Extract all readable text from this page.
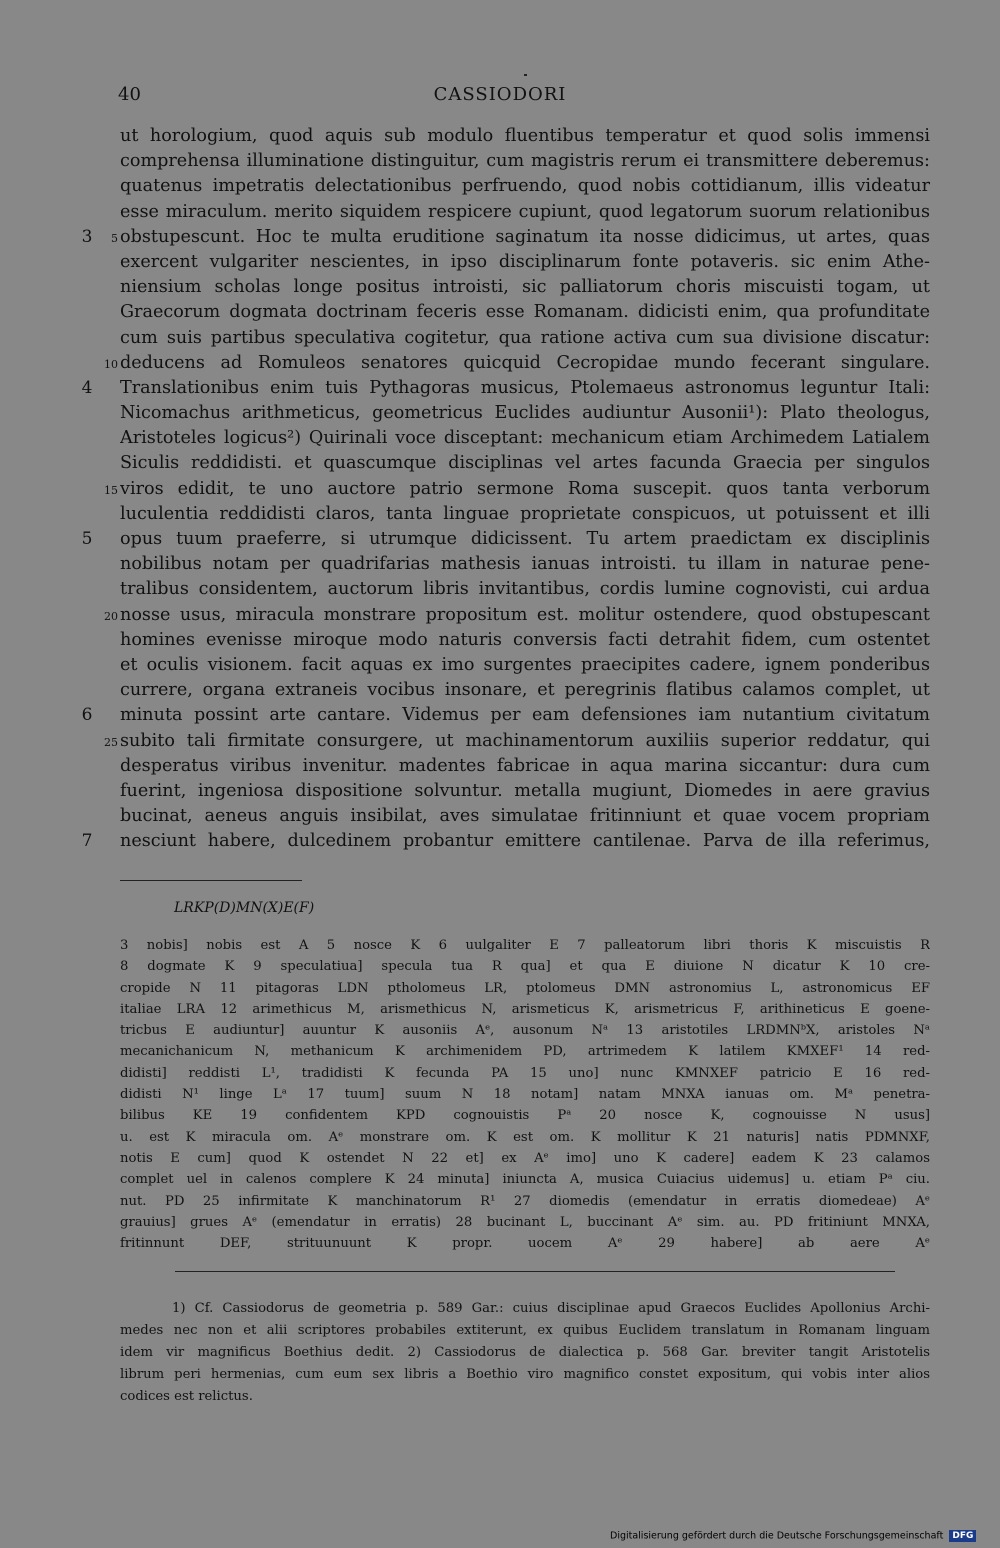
40	CASSIODORI
ut horologium, quod aquis sub modulo fluentibus temperatur et quod solis immensi
comprehensa illuminatione distinguitur, cum magistris rerum ei transmittere deberemus:
quatenus impetratis delectationibus perfruendo, quod nobis cottidianum, illis videatur
esse miraculum. merito siquidem respicere cupiunt, quod legatorum suorum relationibus
3	5 obstupescunt. Hoc te multa eruditione saginatum ita nosse didicimus, ut artes, quas
exercent vulgariter nescientes, in ipso disciplinarum fonte potaveris. sic enim Athe-
niensium scholas longe positus introisti, sic palliatorum choris miscuisti togam, ut
Graecorum dogmata doctrinam feceris esse Romanam. didicisti enim, qua profunditate
cum suis partibus speculativa cogitetur, qua ratione activa cum sua divisione discatur:
10 deducens ad Romuleos senatores quicquid Cecropidae mundo fecerant singulare.
4 Translationibus enim tuis Pythagoras musicus, Ptolemaeus astronomus leguntur Itali:
Nicomachus arithmeticus, geometricus Euclides audiuntur Ausonii¹): Plato theologus,
Aristoteles logicus²) Quirinali voce disceptant: mechanicum etiam Archimedem Latialem
Siculis reddidisti. et quascumque disciplinas vel artes facunda Graecia per singulos
15 viros edidit, te uno auctore patrio sermone Roma suscepit. quos tanta verborum
luculentia reddidisti claros, tanta linguae proprietate conspicuos, ut potuissent et illi
5 opus tuum praeferre, si utrumque didicissent. Tu artem praedictam ex disciplinis
nobilibus notam per quadrifarias mathesis ianuas introisti. tu illam in naturae pene-
tralibus considentem, auctorum libris invitantibus, cordis lumine cognovisti, cui ardua
20 nosse usus, miracula monstrare propositum est. molitur ostendere, quod obstupescant
homines evenisse miroque modo naturis conversis facti detrahit fidem, cum ostentet
et oculis visionem. facit aquas ex imo surgentes praecipites cadere, ignem ponderibus
currere, organa extraneis vocibus insonare, et peregrinis flatibus calamos complet, ut
6 minuta possint arte cantare. Videmus per eam defensiones iam nutantium civitatum
25 subito tali firmitate consurgere, ut machinamentorum auxiliis superior reddatur, qui
desperatus viribus invenitur. madentes fabricae in aqua marina siccantur: dura cum
fuerint, ingeniosa dispositione solvuntur. metalla mugiunt, Diomedes in aere gravius
bucinat, aeneus anguis insibilat, aves simulatae fritinniunt et quae vocem propriam
7 nesciunt habere, dulcedinem probantur emittere cantilenae. Parva de illa referimus,
LRKP(D)MN(X)E(F)
3 nobis] nobis est A 5 nosce K 6 uulgaliter E 7 palleatorum libri thoris K miscuistis R
8 dogmate K 9 speculatiua] specula tua R qua] et qua E diuione N dicatur K 10 cre-
cropide N 11 pitagoras LDN ptholomeus LR, ptolomeus DMN astronomius L, astronomicus EF
italiae LRA 12 arimethicus M, arismethicus N, arismeticus K, arismetricus F, arithineticus E goene-
tricbus E audiuntur] auuntur K ausoniis Aᵉ, ausonum Nᵃ 13 aristotiles LRDMNᵇX, aristoles Nᵃ
mecanichanicum N, methanicum K archimenidem PD, artrimedem K latilem KMXEF¹ 14 red-
didisti] reddisti L¹, tradidisti K fecunda PA 15 uno] nunc KMNXEF patricio E 16 red-
didisti N¹ linge Lᵃ 17 tuum] suum N 18 notam] natam MNXA ianuas om. Mᵃ penetra-
bilibus KE 19 confidentem KPD cognouistis Pᵃ 20 nosce K, cognouisse N usus]
u. est K miracula om. Aᵉ monstrare om. K est om. K mollitur K 21 naturis] natis PDMNXF,
notis E cum] quod K ostendet N 22 et] ex Aᵉ imo] uno K cadere] eadem K 23 calamos
complet uel in calenos complere K 24 minuta] iniuncta A, musica Cuiacius uidemus] u. etiam Pᵃ ciu.
nut. PD 25 infirmitate K manchinatorum R¹ 27 diomedis (emendatur in erratis diomedeae) Aᵉ
grauius] grues Aᵉ (emendatur in erratis) 28 bucinant L, buccinant Aᵉ sim. au. PD fritiniunt MNXA,
fritinnunt DEF, strituunuunt K propr. uocem Aᵉ 29 habere] ab aere Aᵉ
1) Cf. Cassiodorus de geometria p. 589 Gar.: cuius disciplinae apud Graecos Euclides Apollonius Archi-
medes nec non et alii scriptores probabiles extiterunt, ex quibus Euclidem translatum in Romanam linguam
idem vir magnificus Boethius dedit. 2) Cassiodorus de dialectica p. 568 Gar. breviter tangit Aristotelis
librum peri hermenias, cum eum sex libris a Boethio viro magnifico constet expositum, qui vobis inter alios
codices est relictus.
Digitalisierung gefördert durch die Deutsche Forschungsgemeinschaft DFG
